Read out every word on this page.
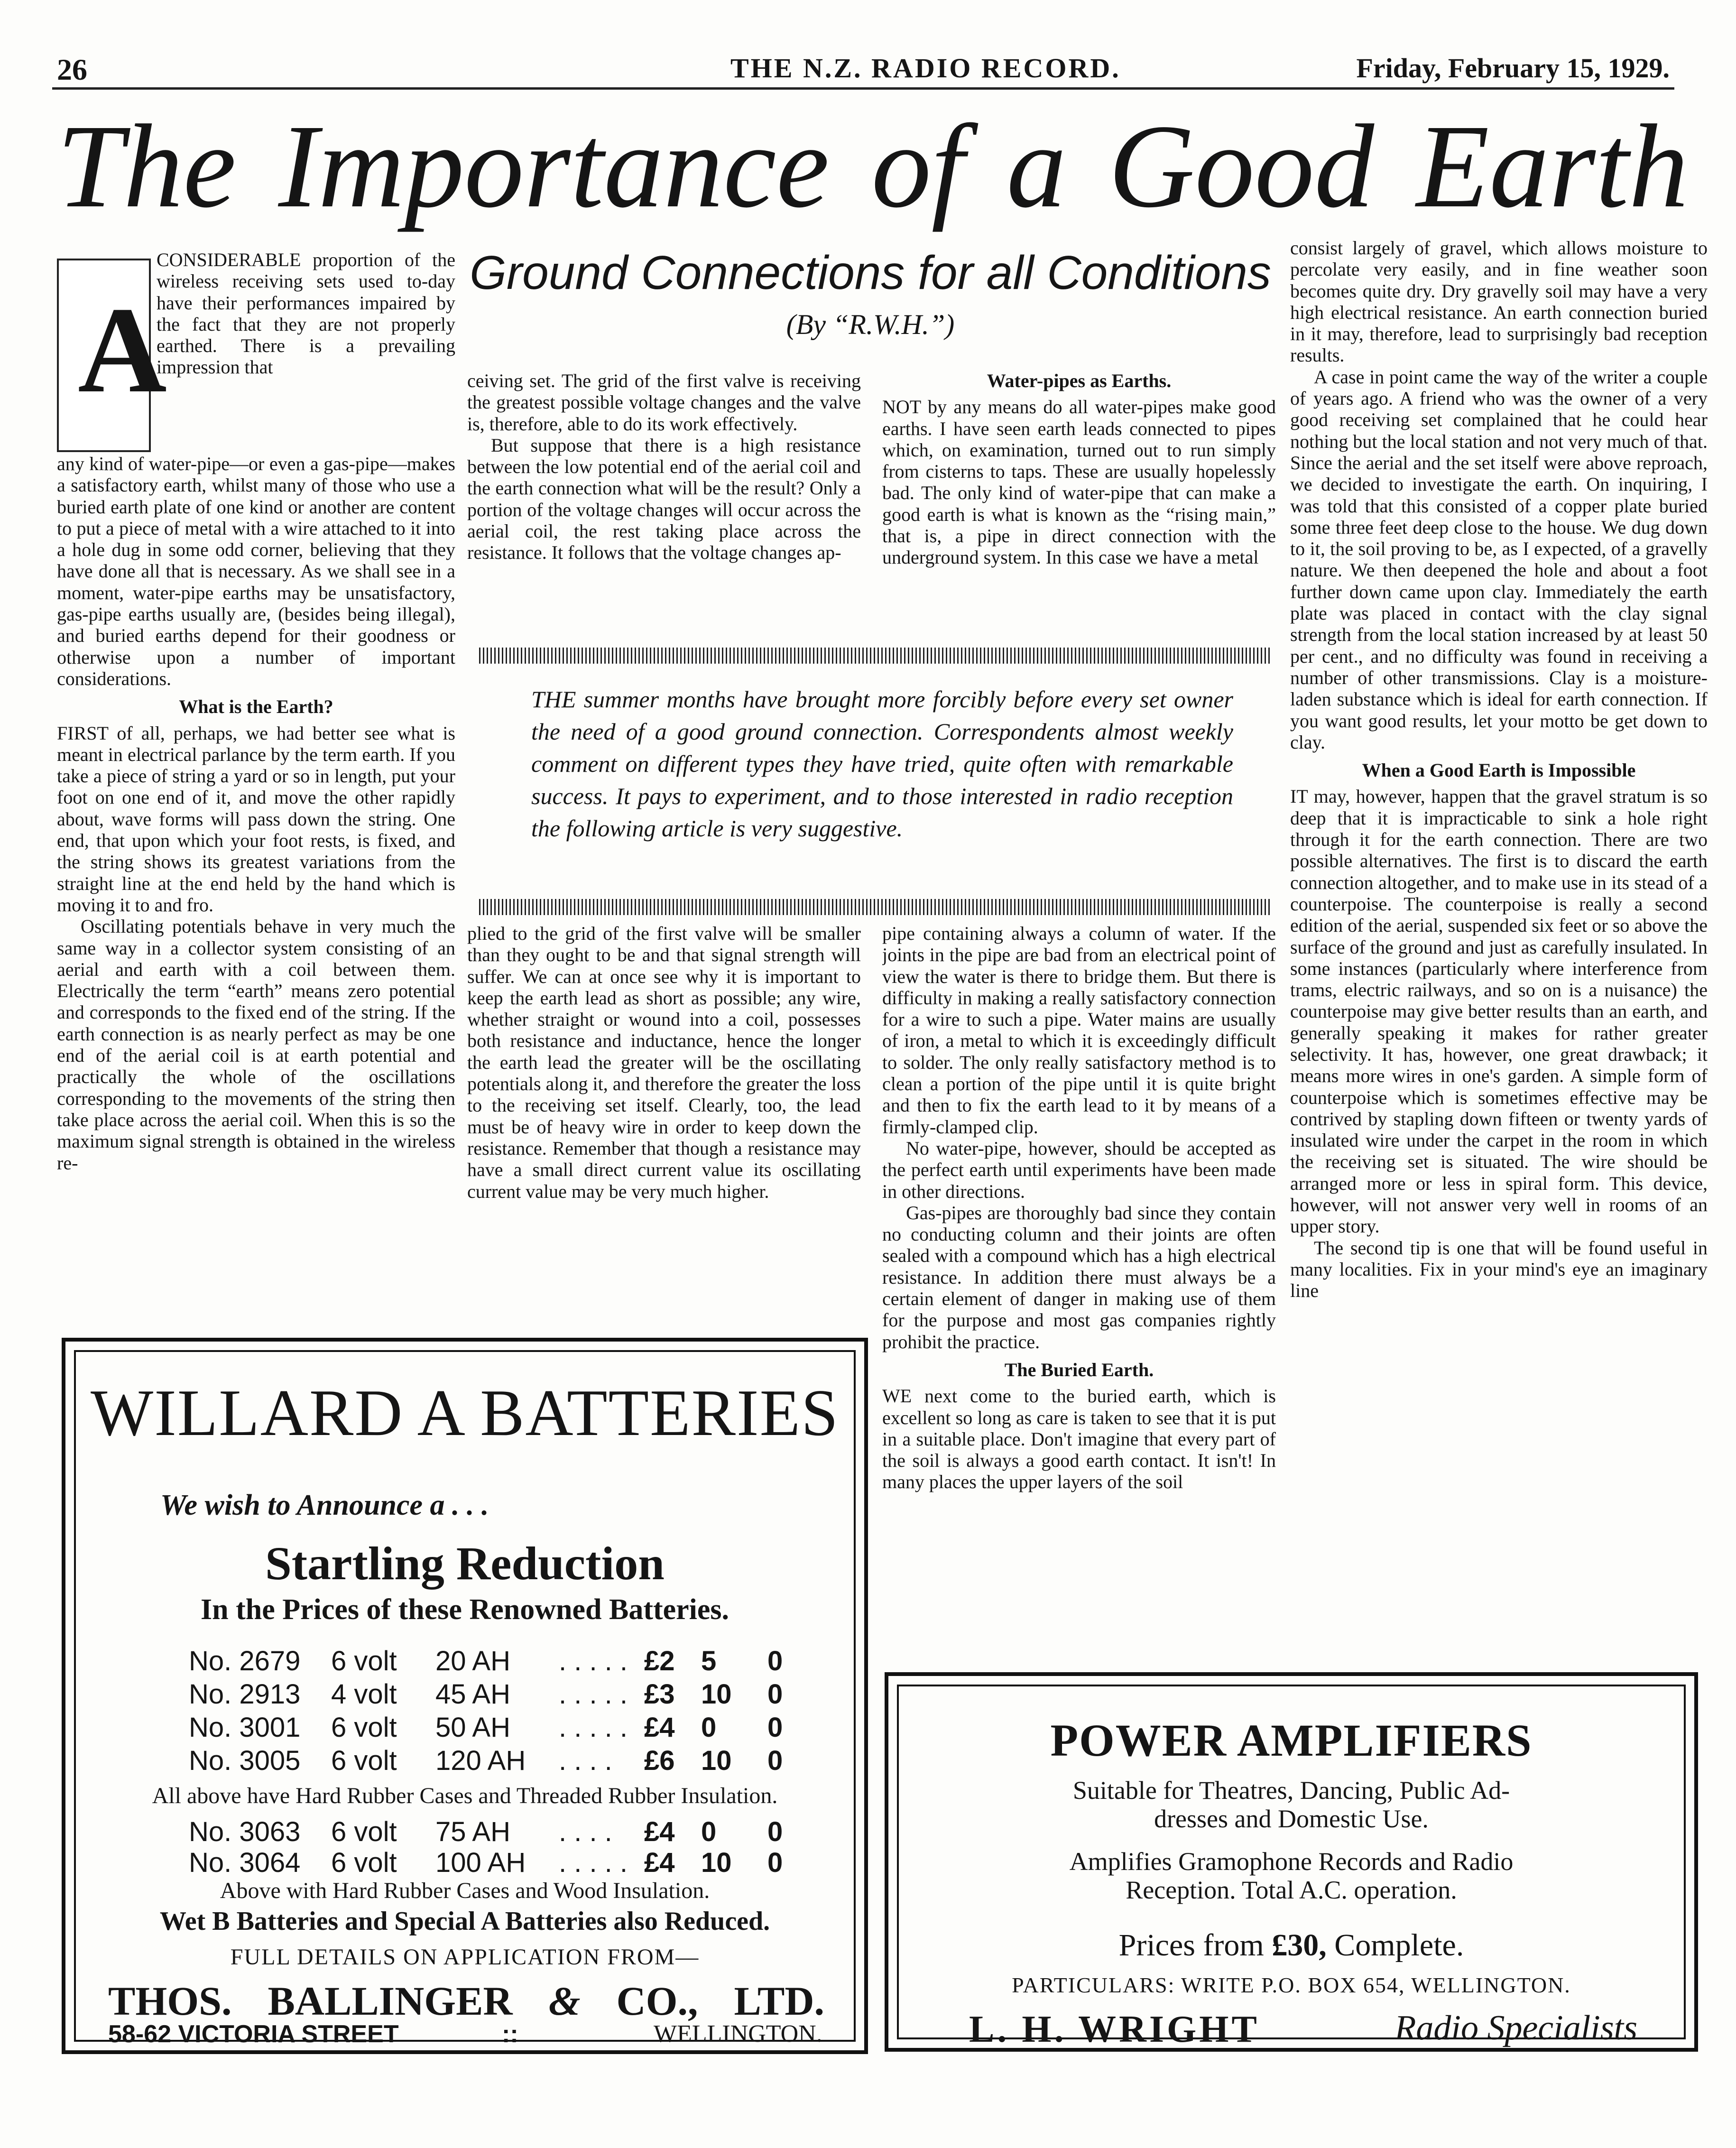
26	THE N.Z. RADIO RECORD.	Friday, February 15, 1929.
The Importance of a Good Earth
A

CONSIDERABLE proportion of the wireless receiving sets used to-day have their performances impaired by the fact that they are not properly earthed. There is a prevailing impression that

any kind of water-pipe—or even a gas-pipe—makes a satisfactory earth, whilst many of those who use a buried earth plate of one kind or another are content to put a piece of metal with a wire attached to it into a hole dug in some odd corner, believing that they have done all that is necessary. As we shall see in a moment, water-pipe earths may be unsatisfactory, gas-pipe earths usually are, (besides being illegal), and buried earths depend for their goodness or otherwise upon a number of important considerations.

What is the Earth?

FIRST of all, perhaps, we had better see what is meant in electrical parlance by the term earth. If you take a piece of string a yard or so in length, put your foot on one end of it, and move the other rapidly about, wave forms will pass down the string. One end, that upon which your foot rests, is fixed, and the string shows its greatest variations from the straight line at the end held by the hand which is moving it to and fro.

Oscillating potentials behave in very much the same way in a collector system consisting of an aerial and earth with a coil between them. Electrically the term “earth” means zero potential and corresponds to the fixed end of the string. If the earth connection is as nearly perfect as may be one end of the aerial coil is at earth potential and practically the whole of the oscillations corresponding to the movements of the string then take place across the aerial coil. When this is so the maximum signal strength is obtained in the wireless re-

Ground Connections for all Conditions
(By “R.W.H.”)

ceiving set. The grid of the first valve is receiving the greatest possible voltage changes and the valve is, therefore, able to do its work effectively.

But suppose that there is a high resistance between the low potential end of the aerial coil and the earth connection what will be the result? Only a portion of the voltage changes will occur across the aerial coil, the rest taking place across the resistance. It follows that the voltage changes ap-

Water-pipes as Earths.

NOT by any means do all water-pipes make good earths. I have seen earth leads connected to pipes which, on examination, turned out to run simply from cisterns to taps. These are usually hopelessly bad. The only kind of water-pipe that can make a good earth is what is known as the “rising main,” that is, a pipe in direct connection with the underground system. In this case we have a metal

THE summer months have brought more forcibly before every set owner the need of a good ground connection. Correspondents almost weekly comment on different types they have tried, quite often with remarkable success. It pays to experiment, and to those interested in radio reception the following article is very suggestive.

plied to the grid of the first valve will be smaller than they ought to be and that signal strength will suffer. We can at once see why it is important to keep the earth lead as short as possible; any wire, whether straight or wound into a coil, possesses both resistance and inductance, hence the longer the earth lead the greater will be the oscillating potentials along it, and therefore the greater the loss to the receiving set itself. Clearly, too, the lead must be of heavy wire in order to keep down the resistance. Remember that though a resistance may have a small direct current value its oscillating current value may be very much higher.

pipe containing always a column of water. If the joints in the pipe are bad from an electrical point of view the water is there to bridge them. But there is difficulty in making a really satisfactory connection for a wire to such a pipe. Water mains are usually of iron, a metal to which it is exceedingly difficult to solder. The only really satisfactory method is to clean a portion of the pipe until it is quite bright and then to fix the earth lead to it by means of a firmly-clamped clip.

No water-pipe, however, should be accepted as the perfect earth until experiments have been made in other directions.

Gas-pipes are thoroughly bad since they contain no conducting column and their joints are often sealed with a compound which has a high electrical resistance. In addition there must always be a certain element of danger in making use of them for the purpose and most gas companies rightly prohibit the practice.

The Buried Earth.

WE next come to the buried earth, which is excellent so long as care is taken to see that it is put in a suitable place. Don't imagine that every part of the soil is always a good earth contact. It isn't! In many places the upper layers of the soil

consist largely of gravel, which allows moisture to percolate very easily, and in fine weather soon becomes quite dry. Dry gravelly soil may have a very high electrical resistance. An earth connection buried in it may, therefore, lead to surprisingly bad reception results.

A case in point came the way of the writer a couple of years ago. A friend who was the owner of a very good receiving set complained that he could hear nothing but the local station and not very much of that. Since the aerial and the set itself were above reproach, we decided to investigate the earth. On inquiring, I was told that this consisted of a copper plate buried some three feet deep close to the house. We dug down to it, the soil proving to be, as I expected, of a gravelly nature. We then deepened the hole and about a foot further down came upon clay. Immediately the earth plate was placed in contact with the clay signal strength from the local station increased by at least 50 per cent., and no difficulty was found in receiving a number of other transmissions. Clay is a moisture-laden substance which is ideal for earth connection. If you want good results, let your motto be get down to clay.

When a Good Earth is Impossible

IT may, however, happen that the gravel stratum is so deep that it is impracticable to sink a hole right through it for the earth connection. There are two possible alternatives. The first is to discard the earth connection altogether, and to make use in its stead of a counterpoise. The counterpoise is really a second edition of the aerial, suspended six feet or so above the surface of the ground and just as carefully insulated. In some instances (particularly where interference from trams, electric railways, and so on is a nuisance) the counterpoise may give better results than an earth, and generally speaking it makes for rather greater selectivity. It has, however, one great drawback; it means more wires in one's garden. A simple form of counterpoise which is sometimes effective may be contrived by stapling down fifteen or twenty yards of insulated wire under the carpet in the room in which the receiving set is situated. The wire should be arranged more or less in spiral form. This device, however, will not answer very well in rooms of an upper story.

The second tip is one that will be found useful in many localities. Fix in your mind's eye an imaginary line

WILLARD A BATTERIES
We wish to Announce a . . .
Startling Reduction
In the Prices of these Renowned Batteries.
No. 2679 6 volt 20 AH . . . . . £2 5 0
No. 2913 4 volt 45 AH . . . . . £3 10 0
No. 3001 6 volt 50 AH . . . . . £4 0 0
No. 3005 6 volt 120 AH . . . . £6 10 0
All above have Hard Rubber Cases and Threaded Rubber Insulation.
No. 3063 6 volt 75 AH . . . . £4 0 0
No. 3064 6 volt 100 AH . . . . . £4 10 0
Above with Hard Rubber Cases and Wood Insulation.
Wet B Batteries and Special A Batteries also Reduced.
FULL DETAILS ON APPLICATION FROM—
THOS. BALLINGER & CO., LTD.
58-62 VICTORIA STREET	::	WELLINGTON.
POWER AMPLIFIERS
Suitable for Theatres, Dancing, Public Ad-
dresses and Domestic Use.
Amplifies Gramophone Records and Radio
Reception. Total A.C. operation.
Prices from £30, Complete.
PARTICULARS: WRITE P.O. BOX 654, WELLINGTON.
L. H. WRIGHT	Radio Specialists
